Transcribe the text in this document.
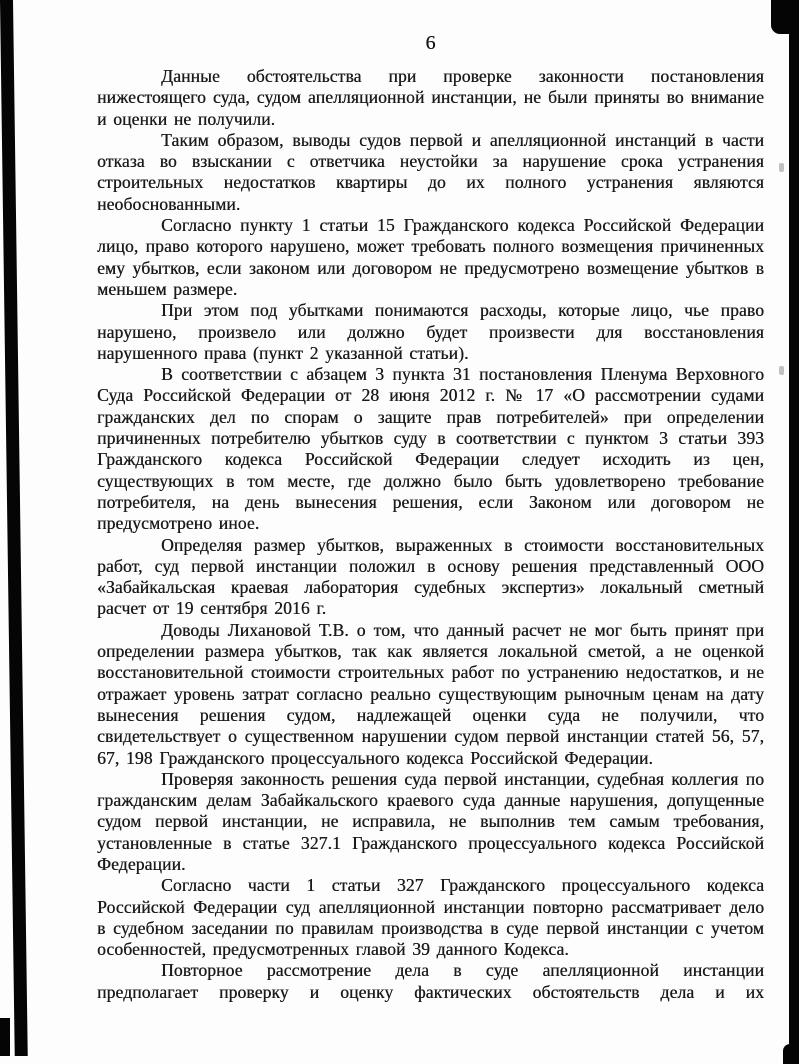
6

Данные обстоятельства при проверке законности постановления нижестоящего суда, судом апелляционной инстанции, не были приняты во внимание и оценки не получили.

Таким образом, выводы судов первой и апелляционной инстанций в части отказа во взыскании с ответчика неустойки за нарушение срока устранения строительных недостатков квартиры до их полного устранения являются необоснованными.

Согласно пункту 1 статьи 15 Гражданского кодекса Российской Федерации лицо, право которого нарушено, может требовать полного возмещения причиненных ему убытков, если законом или договором не предусмотрено возмещение убытков в меньшем размере.

При этом под убытками понимаются расходы, которые лицо, чье право нарушено, произвело или должно будет произвести для восстановления нарушенного права (пункт 2 указанной статьи).

В соответствии с абзацем 3 пункта 31 постановления Пленума Верховного Суда Российской Федерации от 28 июня 2012 г. № 17 «О рассмотрении судами гражданских дел по спорам о защите прав потребителей» при определении причиненных потребителю убытков суду в соответствии с пунктом 3 статьи 393 Гражданского кодекса Российской Федерации следует исходить из цен, существующих в том месте, где должно было быть удовлетворено требование потребителя, на день вынесения решения, если Законом или договором не предусмотрено иное.

Определяя размер убытков, выраженных в стоимости восстановительных работ, суд первой инстанции положил в основу решения представленный ООО «Забайкальская краевая лаборатория судебных экспертиз» локальный сметный расчет от 19 сентября 2016 г.

Доводы Лихановой Т.В. о том, что данный расчет не мог быть принят при определении размера убытков, так как является локальной сметой, а не оценкой восстановительной стоимости строительных работ по устранению недостатков, и не отражает уровень затрат согласно реально существующим рыночным ценам на дату вынесения решения судом, надлежащей оценки суда не получили, что свидетельствует о существенном нарушении судом первой инстанции статей 56, 57, 67, 198 Гражданского процессуального кодекса Российской Федерации.

Проверяя законность решения суда первой инстанции, судебная коллегия по гражданским делам Забайкальского краевого суда данные нарушения, допущенные судом первой инстанции, не исправила, не выполнив тем самым требования, установленные в статье 327.1 Гражданского процессуального кодекса Российской Федерации.

Согласно части 1 статьи 327 Гражданского процессуального кодекса Российской Федерации суд апелляционной инстанции повторно рассматривает дело в судебном заседании по правилам производства в суде первой инстанции с учетом особенностей, предусмотренных главой 39 данного Кодекса.

Повторное рассмотрение дела в суде апелляционной инстанции предполагает проверку и оценку фактических обстоятельств дела и их
